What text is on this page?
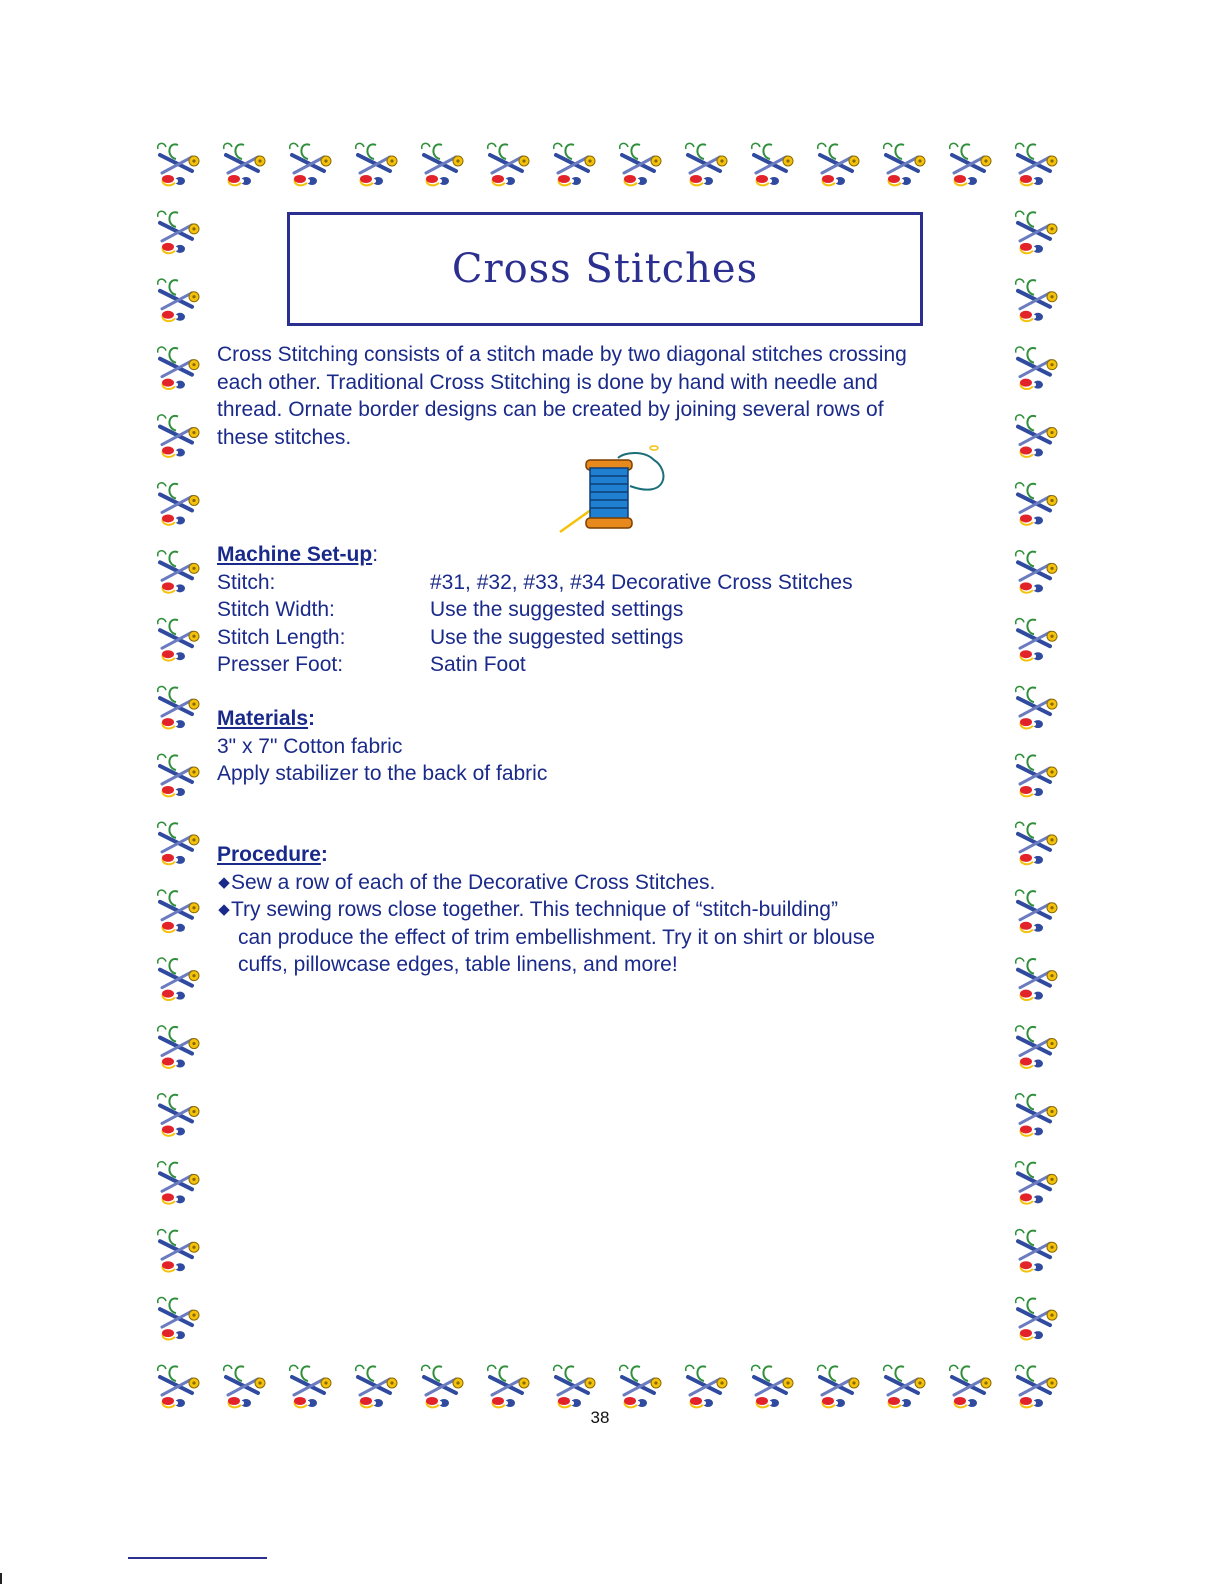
Cross Stitches

Cross Stitching consists of a stitch made by two diagonal stitches crossing

each other. Traditional Cross Stitching is done by hand with needle and

thread. Ornate border designs can be created by joining several rows of

these stitches.

Machine Set-up:
Stitch:	#31, #32, #33, #34 Decorative Cross Stitches
Stitch Width:	Use the suggested settings
Stitch Length:	Use the suggested settings
Presser Foot:	Satin Foot
Materials:
3" x 7" Cotton fabric
Apply stabilizer to the back of fabric
Procedure:
◆ Sew a row of each of the Decorative Cross Stitches.
◆ Try sewing rows close together. This technique of “stitch-building”
can produce the effect of trim embellishment. Try it on shirt or blouse
cuffs, pillowcase edges, table linens, and more!
38
